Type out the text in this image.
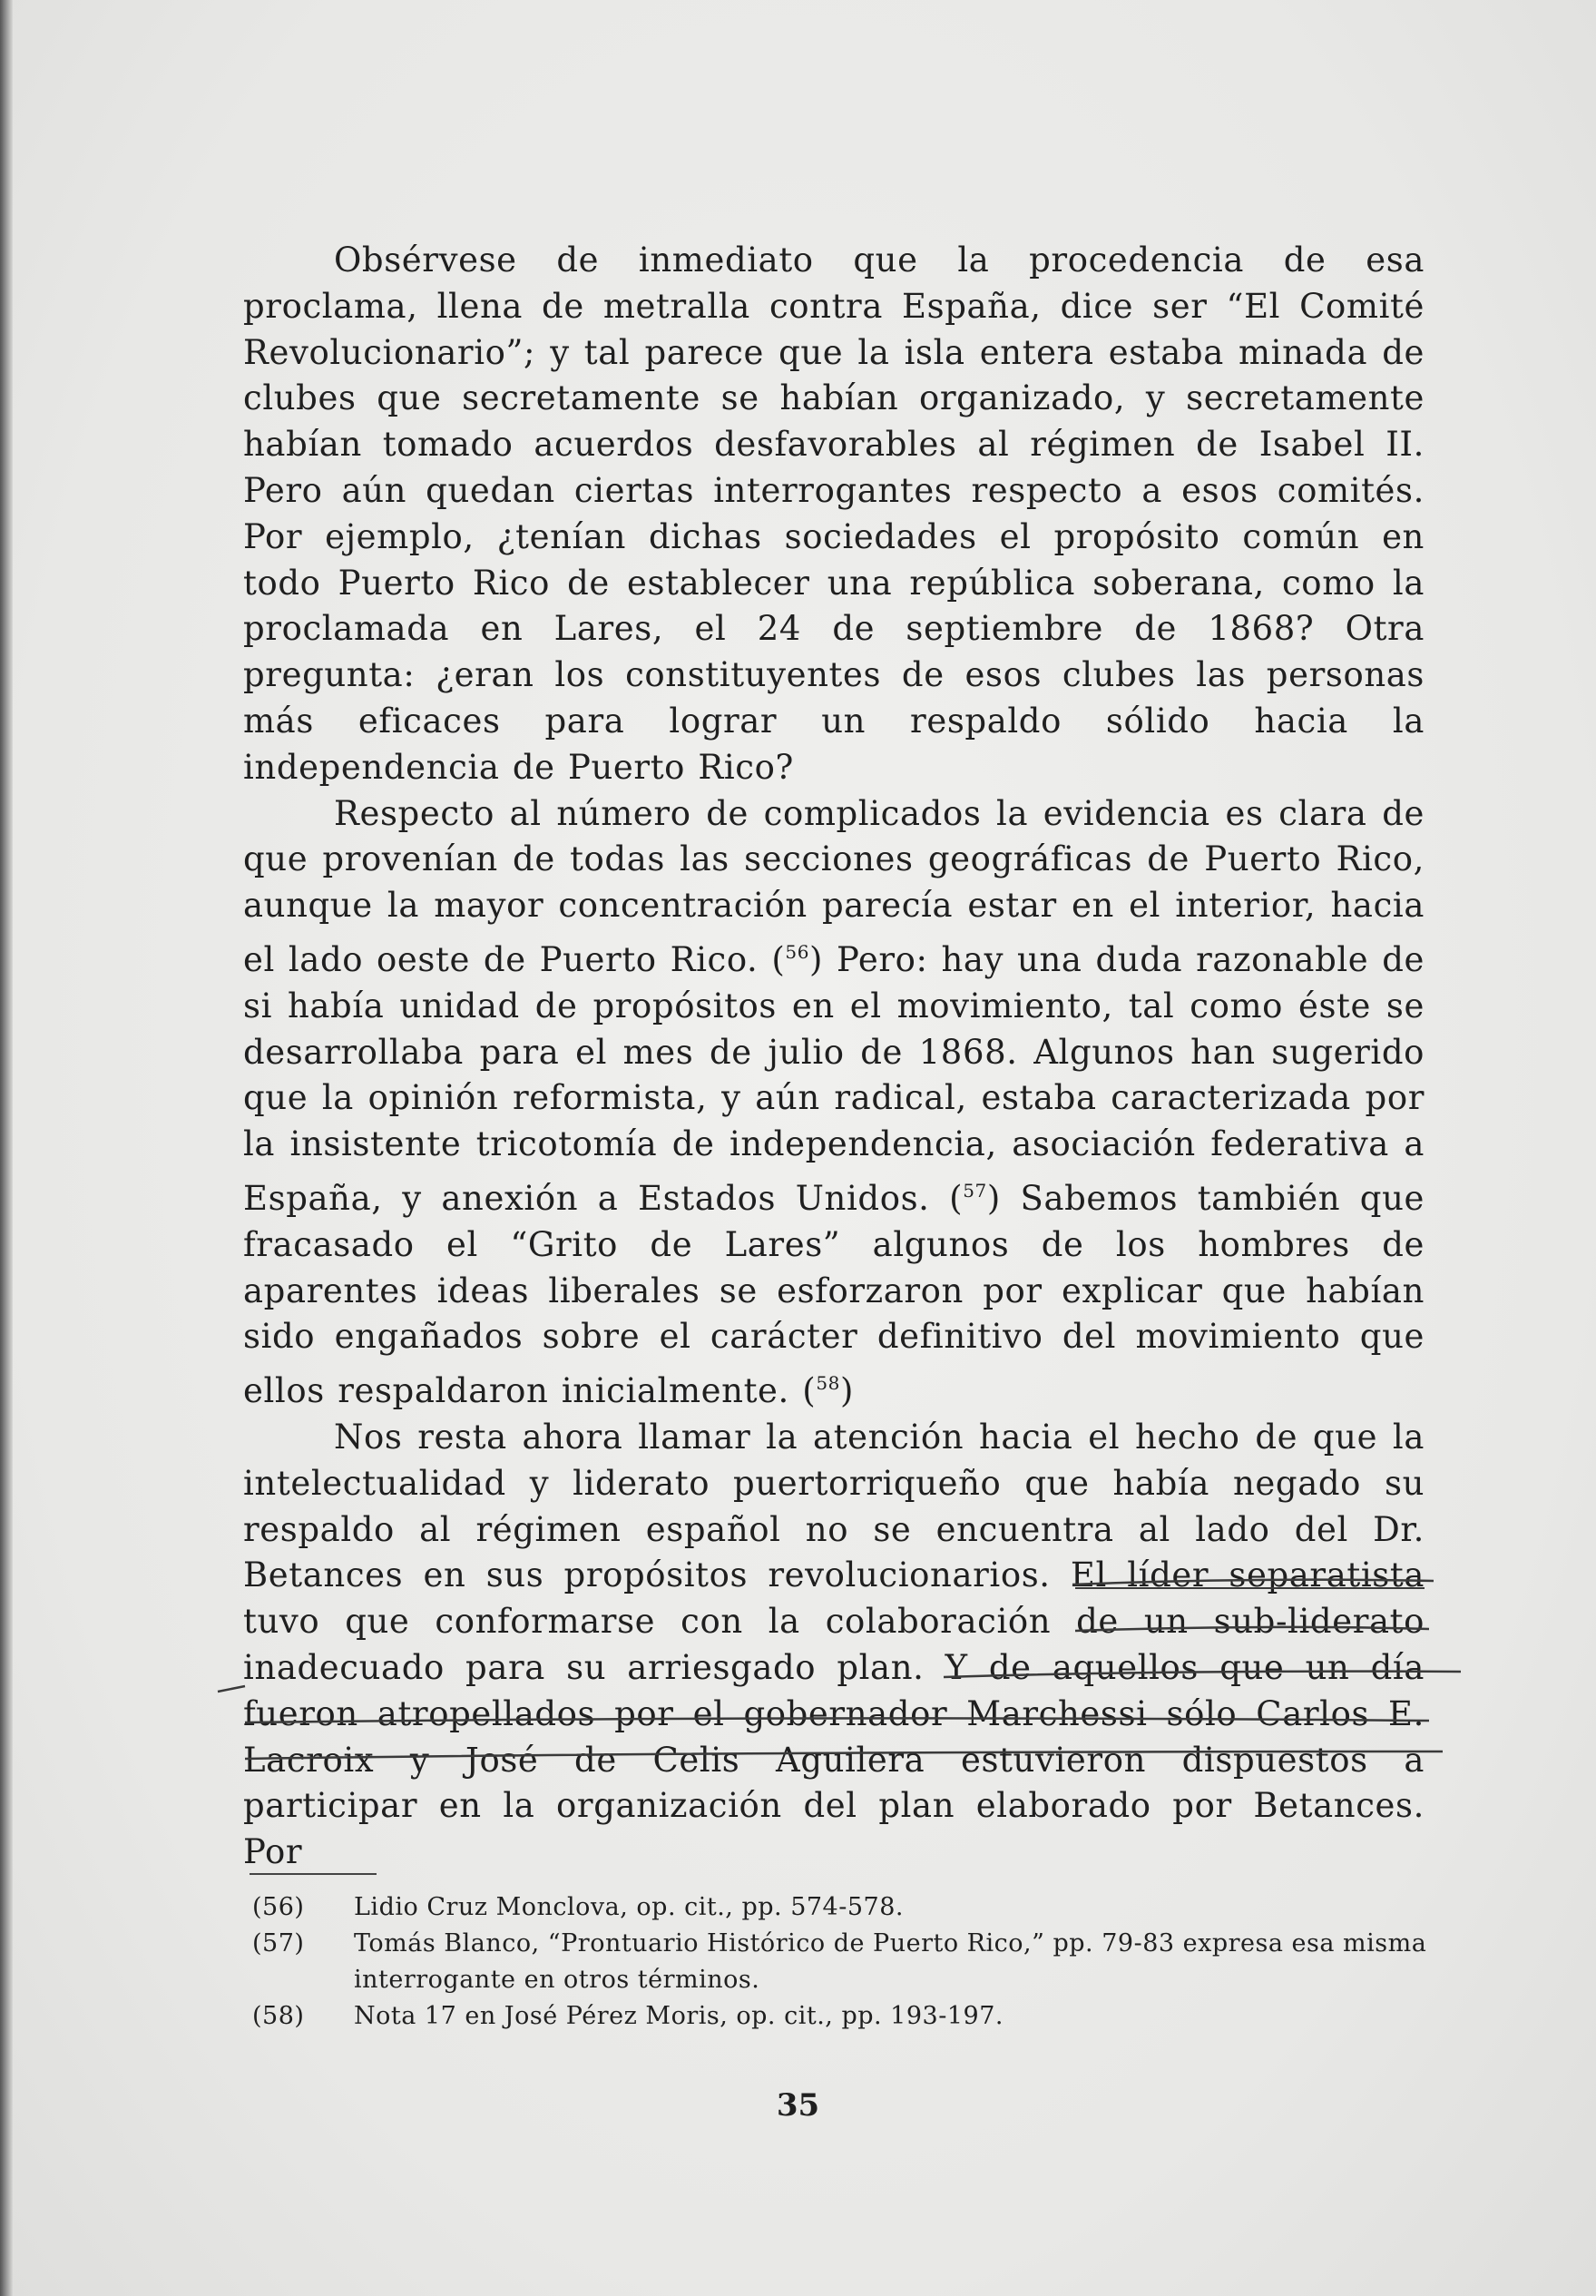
Obsérvese de inmediato que la procedencia de esa proclama, llena de metralla contra España, dice ser “El Comité Revolucionario”; y tal parece que la isla entera estaba minada de clubes que secretamente se habían organizado, y secretamente habían tomado acuerdos desfavorables al régimen de Isabel II. Pero aún quedan ciertas interrogantes respecto a esos comités. Por ejemplo, ¿tenían dichas sociedades el propósito común en todo Puerto Rico de establecer una república soberana, como la proclamada en Lares, el 24 de septiembre de 1868? Otra pregunta: ¿eran los constituyentes de esos clubes las personas más eficaces para lograr un respaldo sólido hacia la independencia de Puerto Rico?

Respecto al número de complicados la evidencia es clara de que provenían de todas las secciones geográficas de Puerto Rico, aunque la mayor concentración parecía estar en el interior, hacia el lado oeste de Puerto Rico. ($^{56}$) Pero: hay una duda razonable de si había unidad de propósitos en el movimiento, tal como éste se desarrollaba para el mes de julio de 1868. Algunos han sugerido que la opinión reformista, y aún radical, estaba caracterizada por la insistente tricotomía de independencia, asociación federativa a España, y anexión a Estados Unidos. ($^{57}$) Sabemos también que fracasado el “Grito de Lares” algunos de los hombres de aparentes ideas liberales se esforzaron por explicar que habían sido engañados sobre el carácter definitivo del movimiento que ellos respaldaron inicialmente. ($^{58}$)

Nos resta ahora llamar la atención hacia el hecho de que la intelectualidad y liderato puertorriqueño que había negado su respaldo al régimen español no se encuentra al lado del Dr. Betances en sus propósitos revolucionarios. El líder separatista tuvo que conformarse con la colaboración de un sub-liderato inadecuado para su arriesgado plan. Y de aquellos que un día fueron atropellados por el gobernador Marchessi sólo Carlos E. Lacroix y José de Celis Aguilera estuvieron dispuestos a participar en la organización del plan elaborado por Betances. Por

(56)	Lidio Cruz Monclova, op. cit., pp. 574-578.
(57)	Tomás Blanco, “Prontuario Histórico de Puerto Rico,” pp. 79-83 expresa esa misma interrogante en otros términos.
(58)	Nota 17 en José Pérez Moris, op. cit., pp. 193-197.
35
